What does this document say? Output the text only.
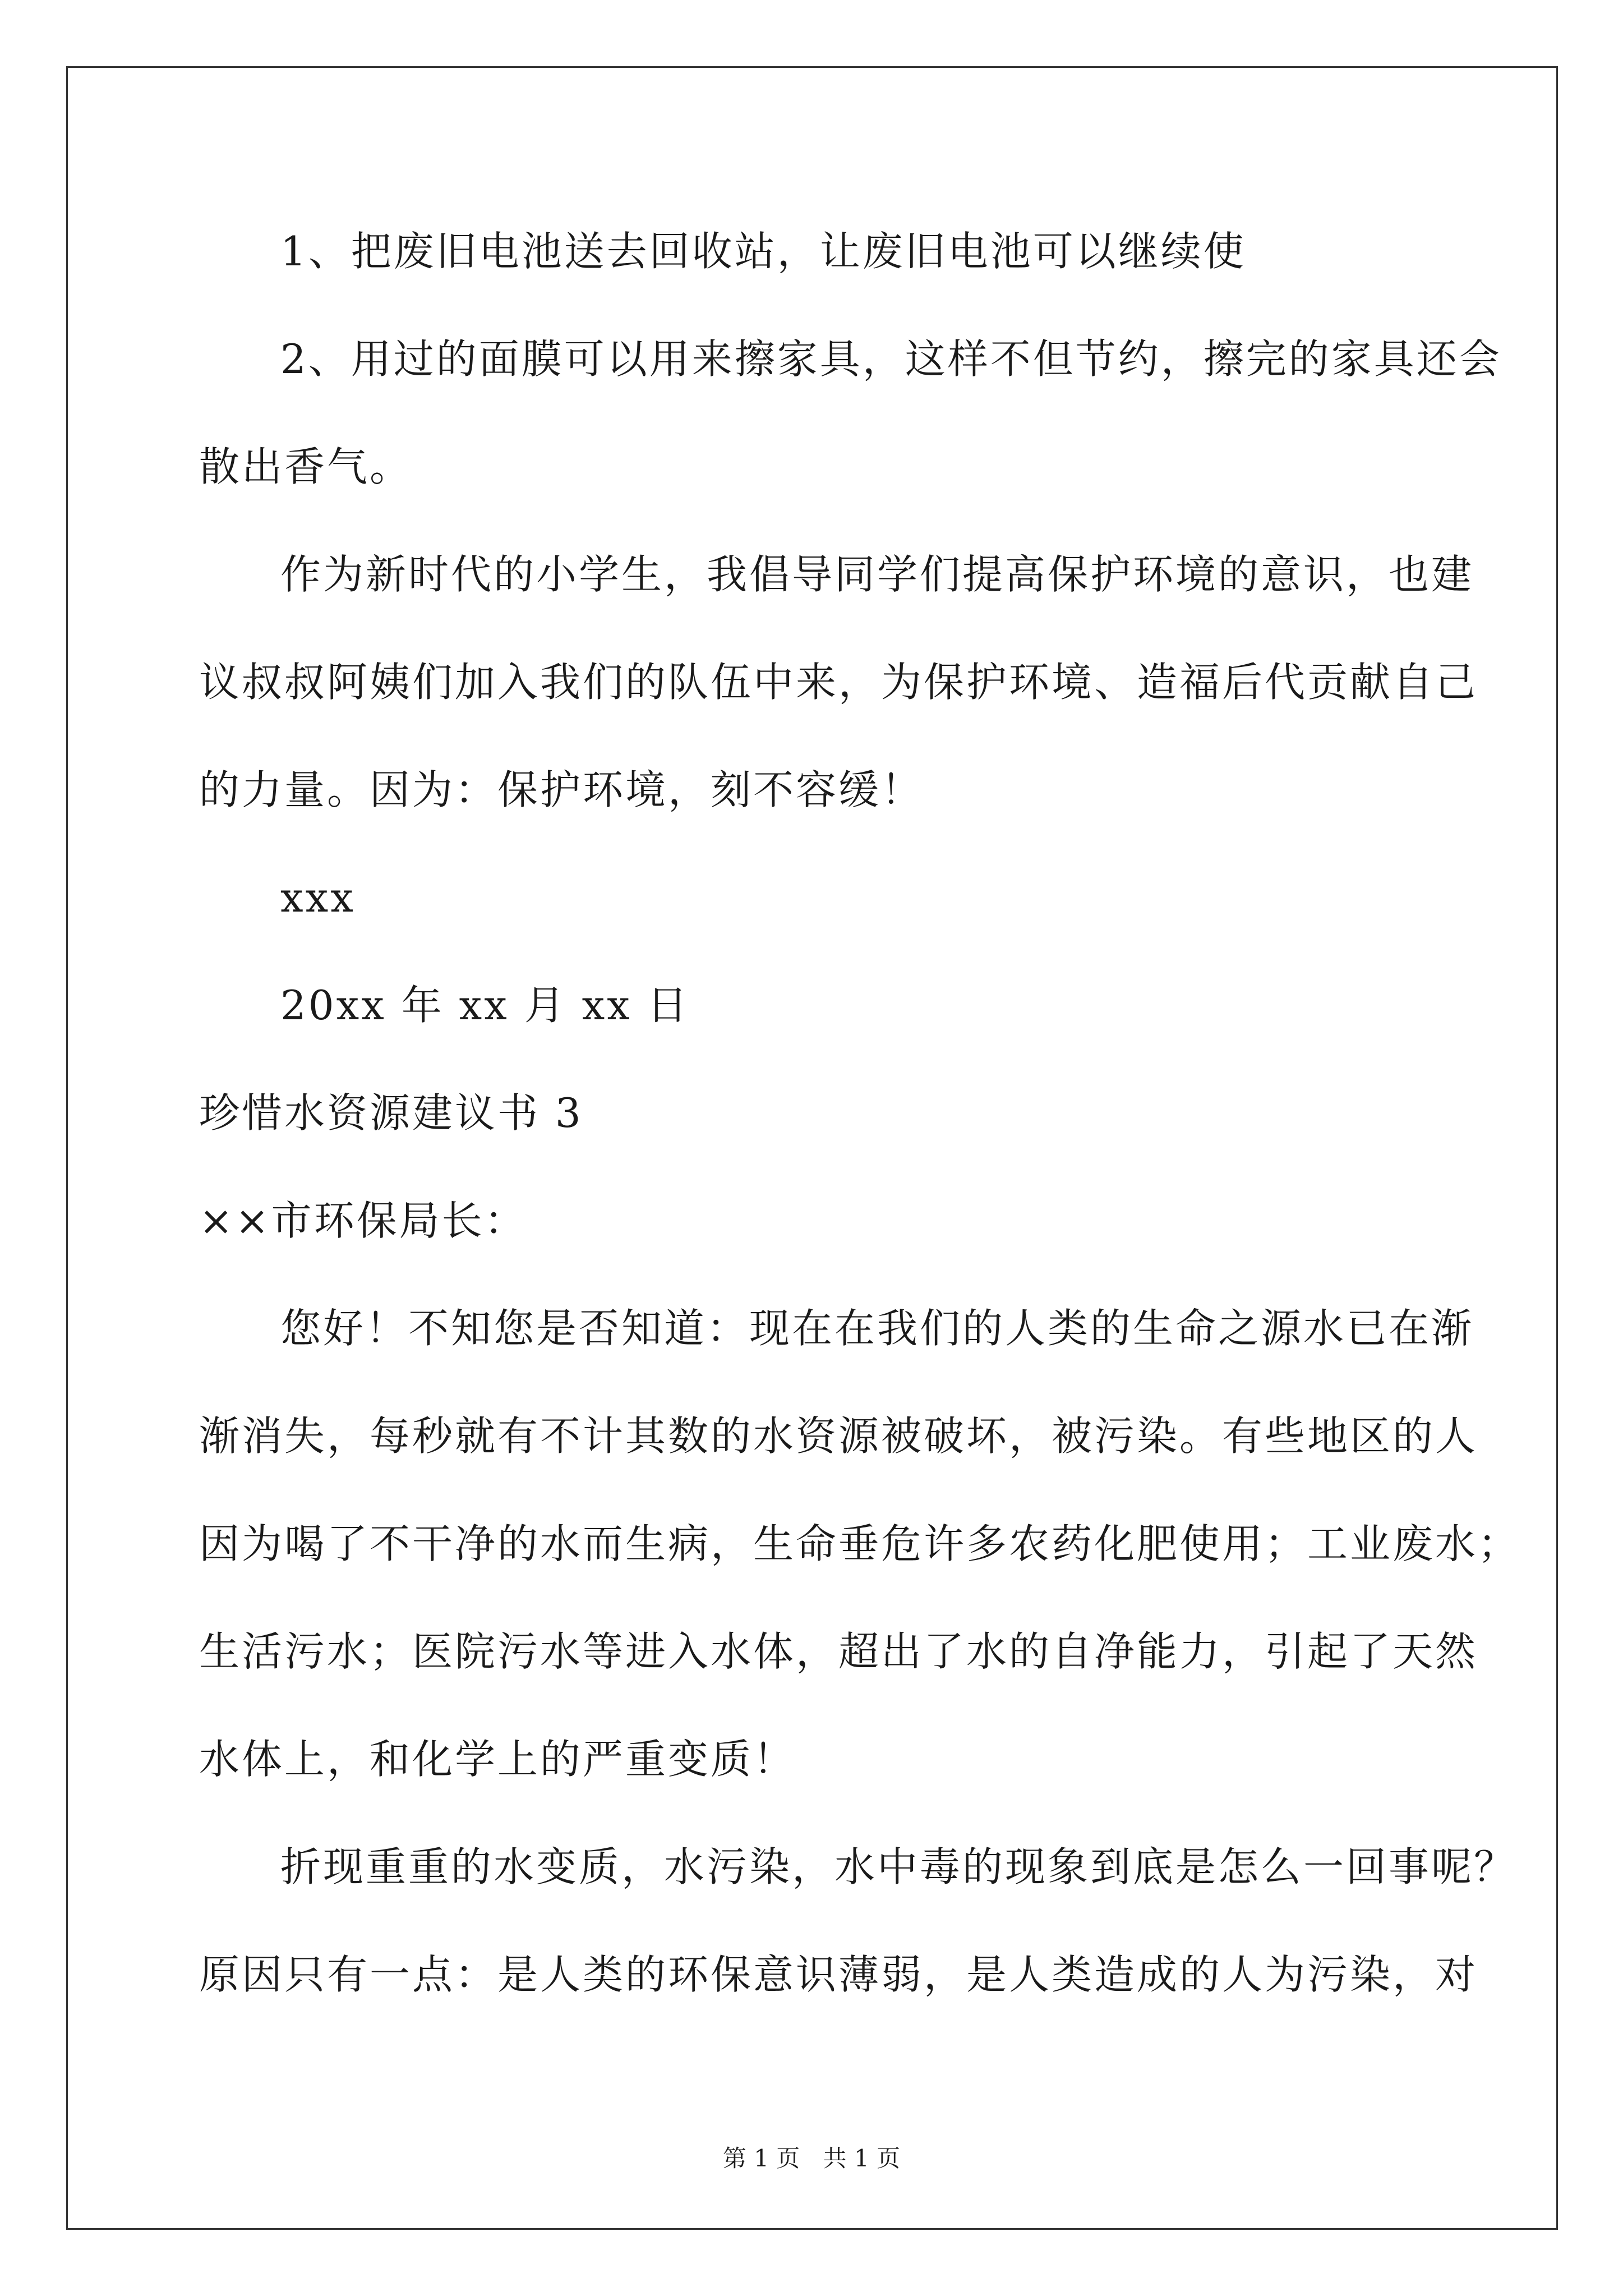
1、把废旧电池送去回收站，让废旧电池可以继续使
2、用过的面膜可以用来擦家具，这样不但节约，擦完的家具还会
散出香气。
作为新时代的小学生，我倡导同学们提高保护环境的意识，也建
议叔叔阿姨们加入我们的队伍中来，为保护环境、造福后代贡献自己
的力量。因为：保护环境，刻不容缓！
xxx
20xx 年 xx 月 xx 日
珍惜水资源建议书 3
××市环保局长：
您好！不知您是否知道：现在在我们的人类的生命之源水已在渐
渐消失，每秒就有不计其数的水资源被破坏，被污染。有些地区的人
因为喝了不干净的水而生病，生命垂危许多农药化肥使用；工业废水；
生活污水；医院污水等进入水体，超出了水的自净能力，引起了天然
水体上，和化学上的严重变质！
折现重重的水变质，水污染，水中毒的现象到底是怎么一回事呢？
原因只有一点：是人类的环保意识薄弱，是人类造成的人为污染，对
第 1 页 共 1 页
